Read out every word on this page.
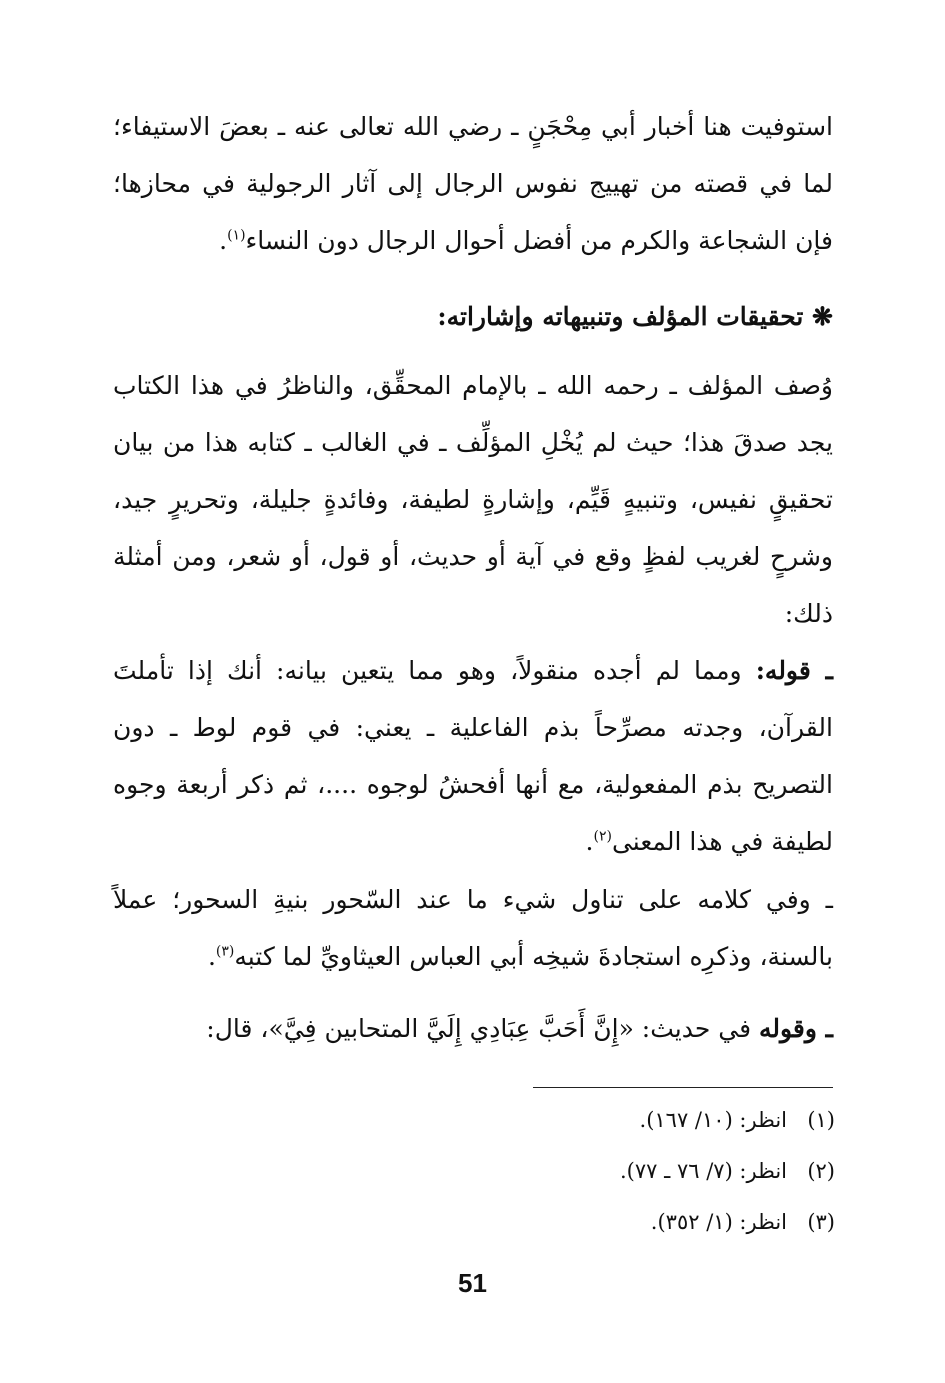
استوفيت هنا أخبار أبي مِحْجَنٍ ـ رضي الله تعالى عنه ـ بعضَ الاستيفاء؛ لما في قصته من تهييج نفوس الرجال إلى آثار الرجولية في محازها؛ فإن الشجاعة والكرم من أفضل أحوال الرجال دون النساء$^{(١)}$.

❋ تحقيقات المؤلف وتنبيهاته وإشاراته:

وُصف المؤلف ـ رحمه الله ـ بالإمام المحقِّق، والناظرُ في هذا الكتاب يجد صدقَ هذا؛ حيث لم يُخْلِ المؤلِّف ـ في الغالب ـ كتابه هذا من بيان تحقيقٍ نفيس، وتنبيهٍ قَيِّم، وإشارةٍ لطيفة، وفائدةٍ جليلة، وتحريرٍ جيد، وشرحٍ لغريب لفظٍ وقع في آية أو حديث، أو قول، أو شعر، ومن أمثلة ذلك:

ـ قوله: ومما لم أجده منقولاً، وهو مما يتعين بيانه: أنك إذا تأملتَ القرآن، وجدته مصرِّحاً بذم الفاعلية ـ يعني: في قوم لوط ـ دون التصريح بذم المفعولية، مع أنها أفحشُ لوجوه ....، ثم ذكر أربعة وجوه لطيفة في هذا المعنى$^{(٢)}$.

ـ وفي كلامه على تناول شيء ما عند السّحور بنيةِ السحور؛ عملاً بالسنة، وذكرِه استجادةَ شيخِه أبي العباس العيثاويِّ لما كتبه$^{(٣)}$.

ـ وقوله في حديث: «إِنَّ أَحَبَّ عِبَادِي إِلَيَّ المتحابين فِيَّ»، قال:

(١)انظر: (١٠/ ١٦٧).
(٢)انظر: (٧/ ٧٦ ـ ٧٧).
(٣)انظر: (١/ ٣٥٢).
51
